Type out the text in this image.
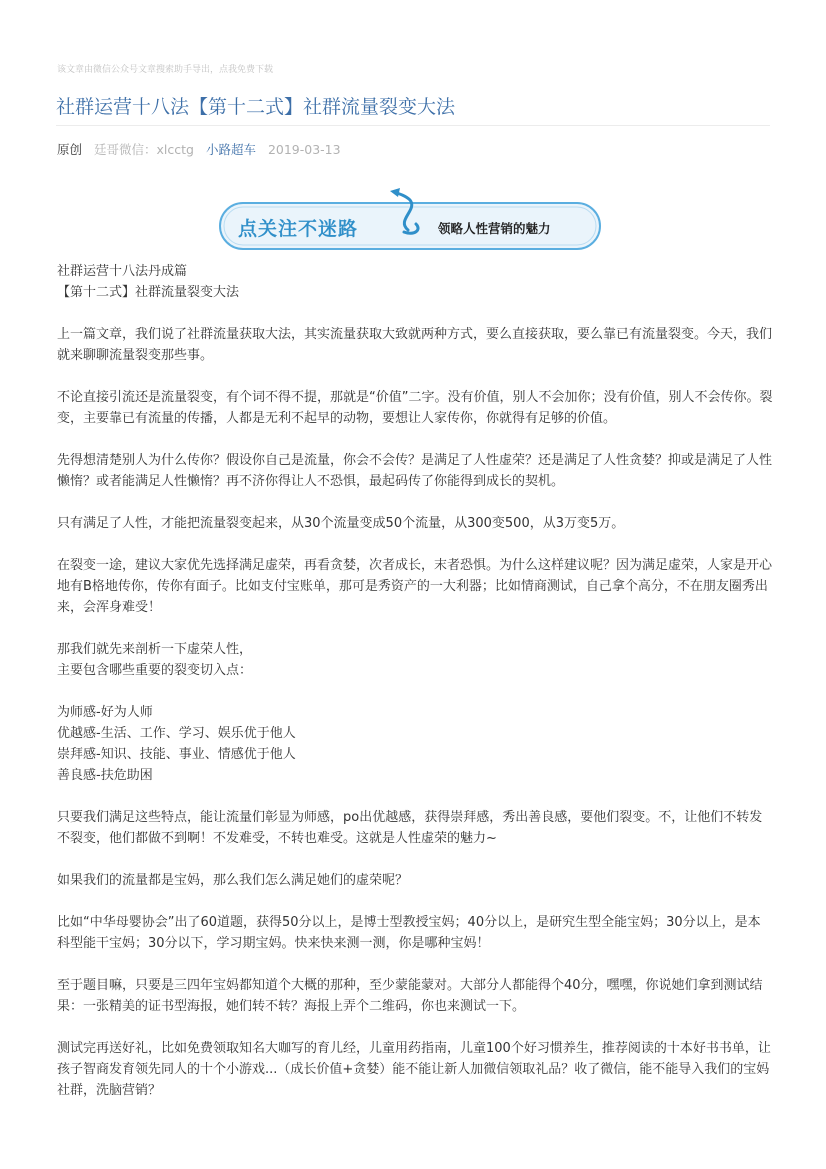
该文章由微信公众号文章搜索助手导出，点我免费下载
社群运营十八法【第十二式】社群流量裂变大法
原创 廷哥微信：xlcctg 小路超车 2019-03-13
点关注不迷路	领略人性营销的魅力

社群运营十八法丹成篇
【第十二式】社群流量裂变大法

上一篇文章，我们说了社群流量获取大法，其实流量获取大致就两种方式，要么直接获取，要么靠已有流量裂变。今天，我们就来聊聊流量裂变那些事。

不论直接引流还是流量裂变，有个词不得不提，那就是“价值”二字。没有价值，别人不会加你；没有价值，别人不会传你。裂变，主要靠已有流量的传播，人都是无利不起早的动物，要想让人家传你，你就得有足够的价值。

先得想清楚别人为什么传你？假设你自己是流量，你会不会传？是满足了人性虚荣？还是满足了人性贪婪？抑或是满足了人性懒惰？或者能满足人性懒惰？再不济你得让人不恐惧，最起码传了你能得到成长的契机。

只有满足了人性，才能把流量裂变起来，从30个流量变成50个流量，从300变500，从3万变5万。

在裂变一途，建议大家优先选择满足虚荣，再看贪婪，次者成长，末者恐惧。为什么这样建议呢？因为满足虚荣，人家是开心地有B格地传你，传你有面子。比如支付宝账单，那可是秀资产的一大利器；比如情商测试，自己拿个高分，不在朋友圈秀出来，会浑身难受！

那我们就先来剖析一下虚荣人性，
主要包含哪些重要的裂变切入点：

为师感-好为人师
优越感-生活、工作、学习、娱乐优于他人
崇拜感-知识、技能、事业、情感优于他人
善良感-扶危助困

只要我们满足这些特点，能让流量们彰显为师感，po出优越感，获得崇拜感，秀出善良感，要他们裂变。不，让他们不转发不裂变，他们都做不到啊！不发难受，不转也难受。这就是人性虚荣的魅力~

如果我们的流量都是宝妈，那么我们怎么满足她们的虚荣呢？

比如“中华母婴协会”出了60道题，获得50分以上，是博士型教授宝妈；40分以上，是研究生型全能宝妈；30分以上，是本科型能干宝妈；30分以下，学习期宝妈。快来快来测一测，你是哪种宝妈！

至于题目嘛，只要是三四年宝妈都知道个大概的那种，至少蒙能蒙对。大部分人都能得个40分，嘿嘿，你说她们拿到测试结果：一张精美的证书型海报，她们转不转？海报上弄个二维码，你也来测试一下。

测试完再送好礼，比如免费领取知名大咖写的育儿经，儿童用药指南，儿童100个好习惯养生，推荐阅读的十本好书书单，让孩子智商发育领先同人的十个小游戏...（成长价值+贪婪）能不能让新人加微信领取礼品？收了微信，能不能导入我们的宝妈社群，洗脑营销？
